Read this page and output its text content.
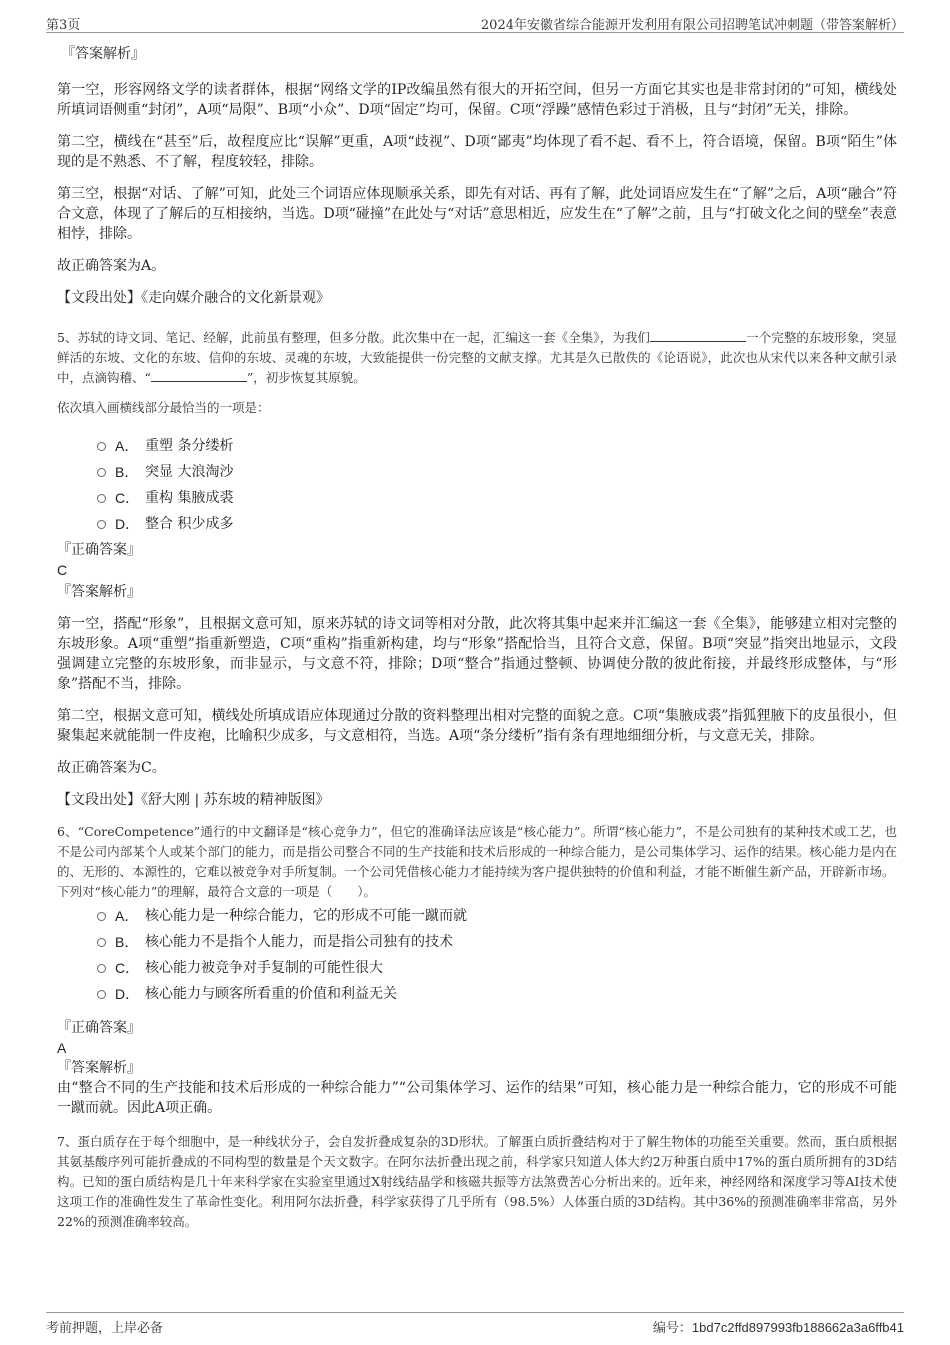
第3页	2024年安徽省综合能源开发利用有限公司招聘笔试冲刺题（带答案解析）
『答案解析』

第一空，形容网络文学的读者群体，根据“网络文学的IP改编虽然有很大的开拓空间，但另一方面它其实也是非常封闭的”可知，横线处所填词语侧重“封闭”，A项“局限”、B项“小众”、D项“固定”均可，保留。C项“浮躁”感情色彩过于消极，且与“封闭”无关，排除。

第二空，横线在“甚至”后，故程度应比“误解”更重，A项“歧视”、D项“鄙夷”均体现了看不起、看不上，符合语境，保留。B项“陌生”体现的是不熟悉、不了解，程度较轻，排除。

第三空，根据“对话、了解”可知，此处三个词语应体现顺承关系，即先有对话、再有了解，此处词语应发生在“了解”之后，A项“融合”符合文意，体现了了解后的互相接纳，当选。D项“碰撞”在此处与“对话”意思相近，应发生在“了解”之前，且与“打破文化之间的壁垒”表意相悖，排除。

故正确答案为A。

【文段出处】《走向媒介融合的文化新景观》

5、苏轼的诗文词、笔记、经解，此前虽有整理，但多分散。此次集中在一起，汇编这一套《全集》，为我们	一个完整的东坡形象，突显鲜活的东坡、文化的东坡、信仰的东坡、灵魂的东坡，大致能提供一份完整的文献支撑。尤其是久已散佚的《论语说》，此次也从宋代以来各种文献引录中，点滴钩稽、“	”，初步恢复其原貌。

依次填入画横线部分最恰当的一项是：

A． 重塑 条分缕析
B． 突显 大浪淘沙
C． 重构 集腋成裘
D． 整合 积少成多
『正确答案』
C
『答案解析』

第一空，搭配“形象”，且根据文意可知，原来苏轼的诗文词等相对分散，此次将其集中起来并汇编这一套《全集》，能够建立相对完整的东坡形象。A项“重塑”指重新塑造，C项“重构”指重新构建，均与“形象”搭配恰当，且符合文意，保留。B项“突显”指突出地显示，文段强调建立完整的东坡形象，而非显示，与文意不符，排除；D项“整合”指通过整顿、协调使分散的彼此衔接，并最终形成整体，与“形象”搭配不当，排除。

第二空，根据文意可知，横线处所填成语应体现通过分散的资料整理出相对完整的面貌之意。C项“集腋成裘”指狐狸腋下的皮虽很小，但聚集起来就能制一件皮袍，比喻积少成多，与文意相符，当选。A项“条分缕析”指有条有理地细细分析，与文意无关，排除。

故正确答案为C。

【文段出处】《舒大刚 | 苏东坡的精神版图》

6、“CoreCompetence”通行的中文翻译是“核心竞争力”，但它的准确译法应该是“核心能力”。所谓“核心能力”，不是公司独有的某种技术或工艺，也不是公司内部某个人或某个部门的能力，而是指公司整合不同的生产技能和技术后形成的一种综合能力，是公司集体学习、运作的结果。核心能力是内在的、无形的、本源性的，它难以被竞争对手所复制。一个公司凭借核心能力才能持续为客户提供独特的价值和利益，才能不断催生新产品，开辟新市场。

下列对“核心能力”的理解，最符合文意的一项是（　　）。

A． 核心能力是一种综合能力，它的形成不可能一蹴而就
B． 核心能力不是指个人能力，而是指公司独有的技术
C． 核心能力被竞争对手复制的可能性很大
D． 核心能力与顾客所看重的价值和利益无关
『正确答案』
A
『答案解析』

由“整合不同的生产技能和技术后形成的一种综合能力”“公司集体学习、运作的结果”可知，核心能力是一种综合能力，它的形成不可能一蹴而就。因此A项正确。

7、蛋白质存在于每个细胞中，是一种线状分子，会自发折叠成复杂的3D形状。了解蛋白质折叠结构对于了解生物体的功能至关重要。然而，蛋白质根据其氨基酸序列可能折叠成的不同构型的数量是个天文数字。在阿尔法折叠出现之前，科学家只知道人体大约2万种蛋白质中17%的蛋白质所拥有的3D结构。已知的蛋白质结构是几十年来科学家在实验室里通过X射线结晶学和核磁共振等方法煞费苦心分析出来的。近年来，神经网络和深度学习等AI技术使这项工作的准确性发生了革命性变化。利用阿尔法折叠，科学家获得了几乎所有（98.5%）人体蛋白质的3D结构。其中36%的预测准确率非常高，另外22%的预测准确率较高。

考前押题，上岸必备	编号：1bd7c2ffd897993fb188662a3a6ffb41
